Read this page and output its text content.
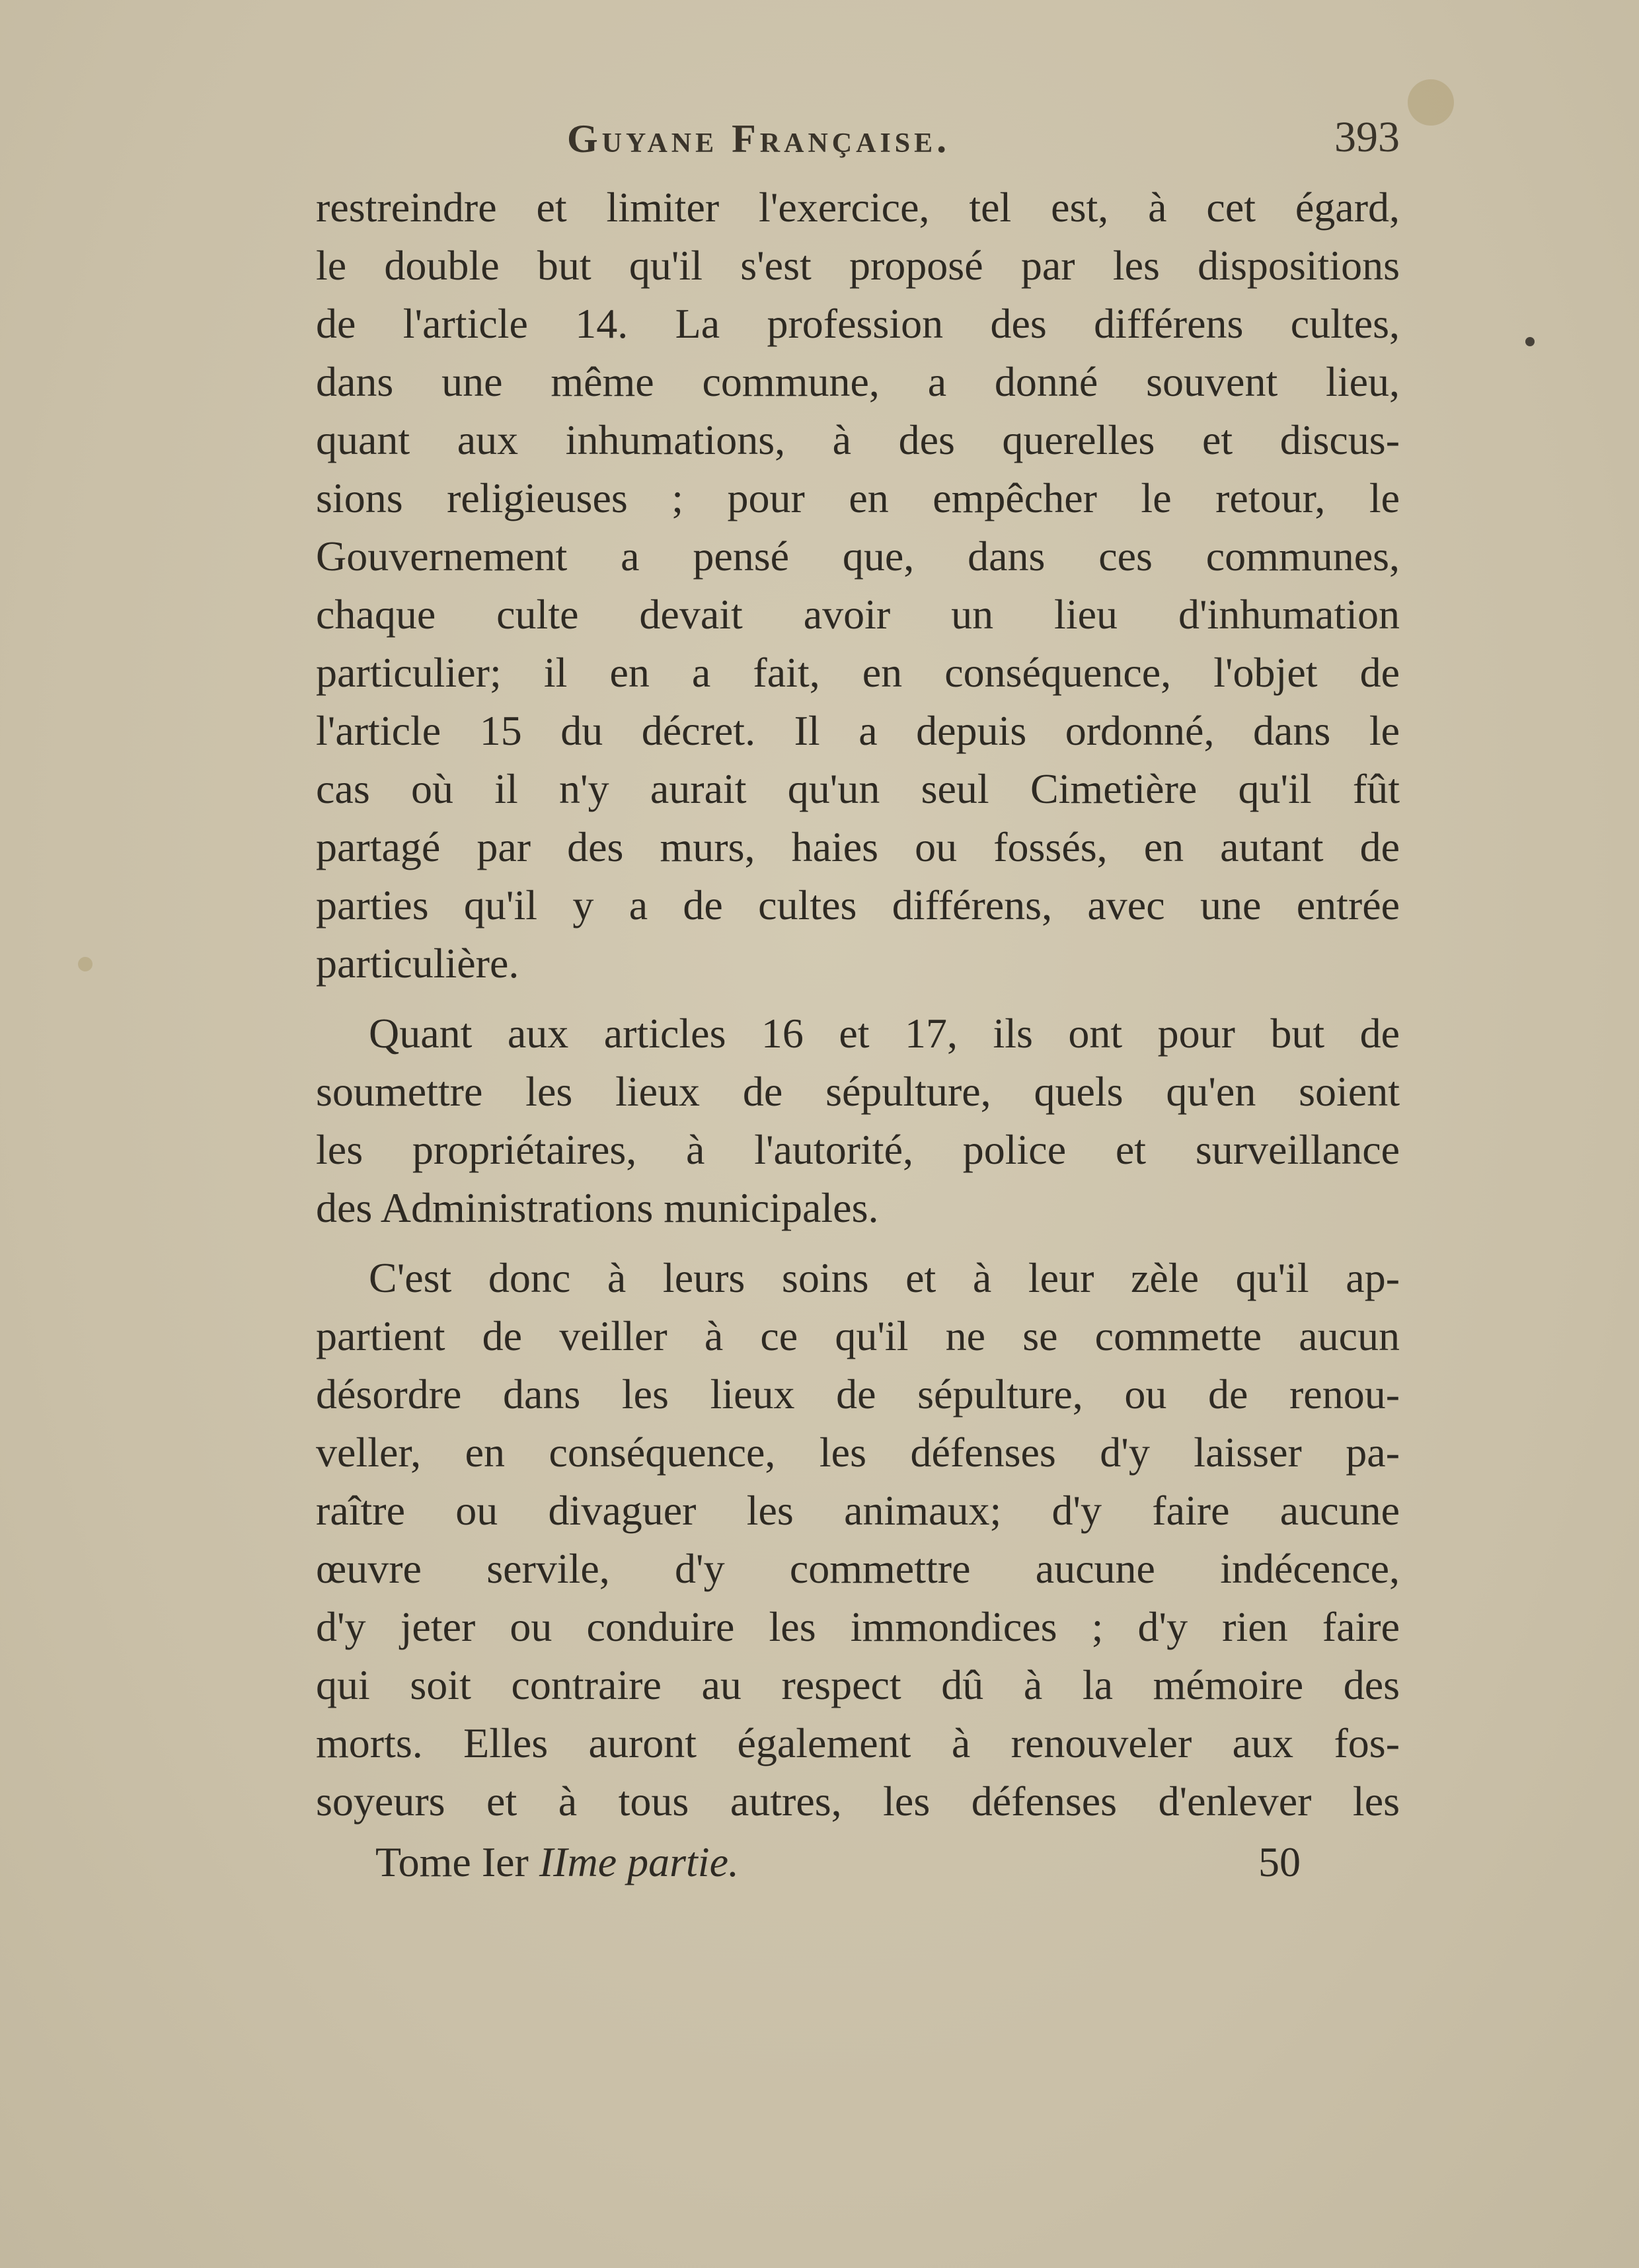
Guyane Française.	393
restreindre et limiter l'exercice, tel est, à cet égard,
le double but qu'il s'est proposé par les dispositions
de l'article 14. La profession des différens cultes,
dans une même commune, a donné souvent lieu,
quant aux inhumations, à des querelles et discus-
sions religieuses ; pour en empêcher le retour, le
Gouvernement a pensé que, dans ces communes,
chaque culte devait avoir un lieu d'inhumation
particulier; il en a fait, en conséquence, l'objet de
l'article 15 du décret. Il a depuis ordonné, dans le
cas où il n'y aurait qu'un seul Cimetière qu'il fût
partagé par des murs, haies ou fossés, en autant de
parties qu'il y a de cultes différens, avec une entrée
particulière.
Quant aux articles 16 et 17, ils ont pour but de
soumettre les lieux de sépulture, quels qu'en soient
les propriétaires, à l'autorité, police et surveillance
des Administrations municipales.
C'est donc à leurs soins et à leur zèle qu'il ap-
partient de veiller à ce qu'il ne se commette aucun
désordre dans les lieux de sépulture, ou de renou-
veller, en conséquence, les défenses d'y laisser pa-
raître ou divaguer les animaux; d'y faire aucune
œuvre servile, d'y commettre aucune indécence,
d'y jeter ou conduire les immondices ; d'y rien faire
qui soit contraire au respect dû à la mémoire des
morts. Elles auront également à renouveler aux fos-
soyeurs et à tous autres, les défenses d'enlever les
Tome Ier IIme partie.	50
